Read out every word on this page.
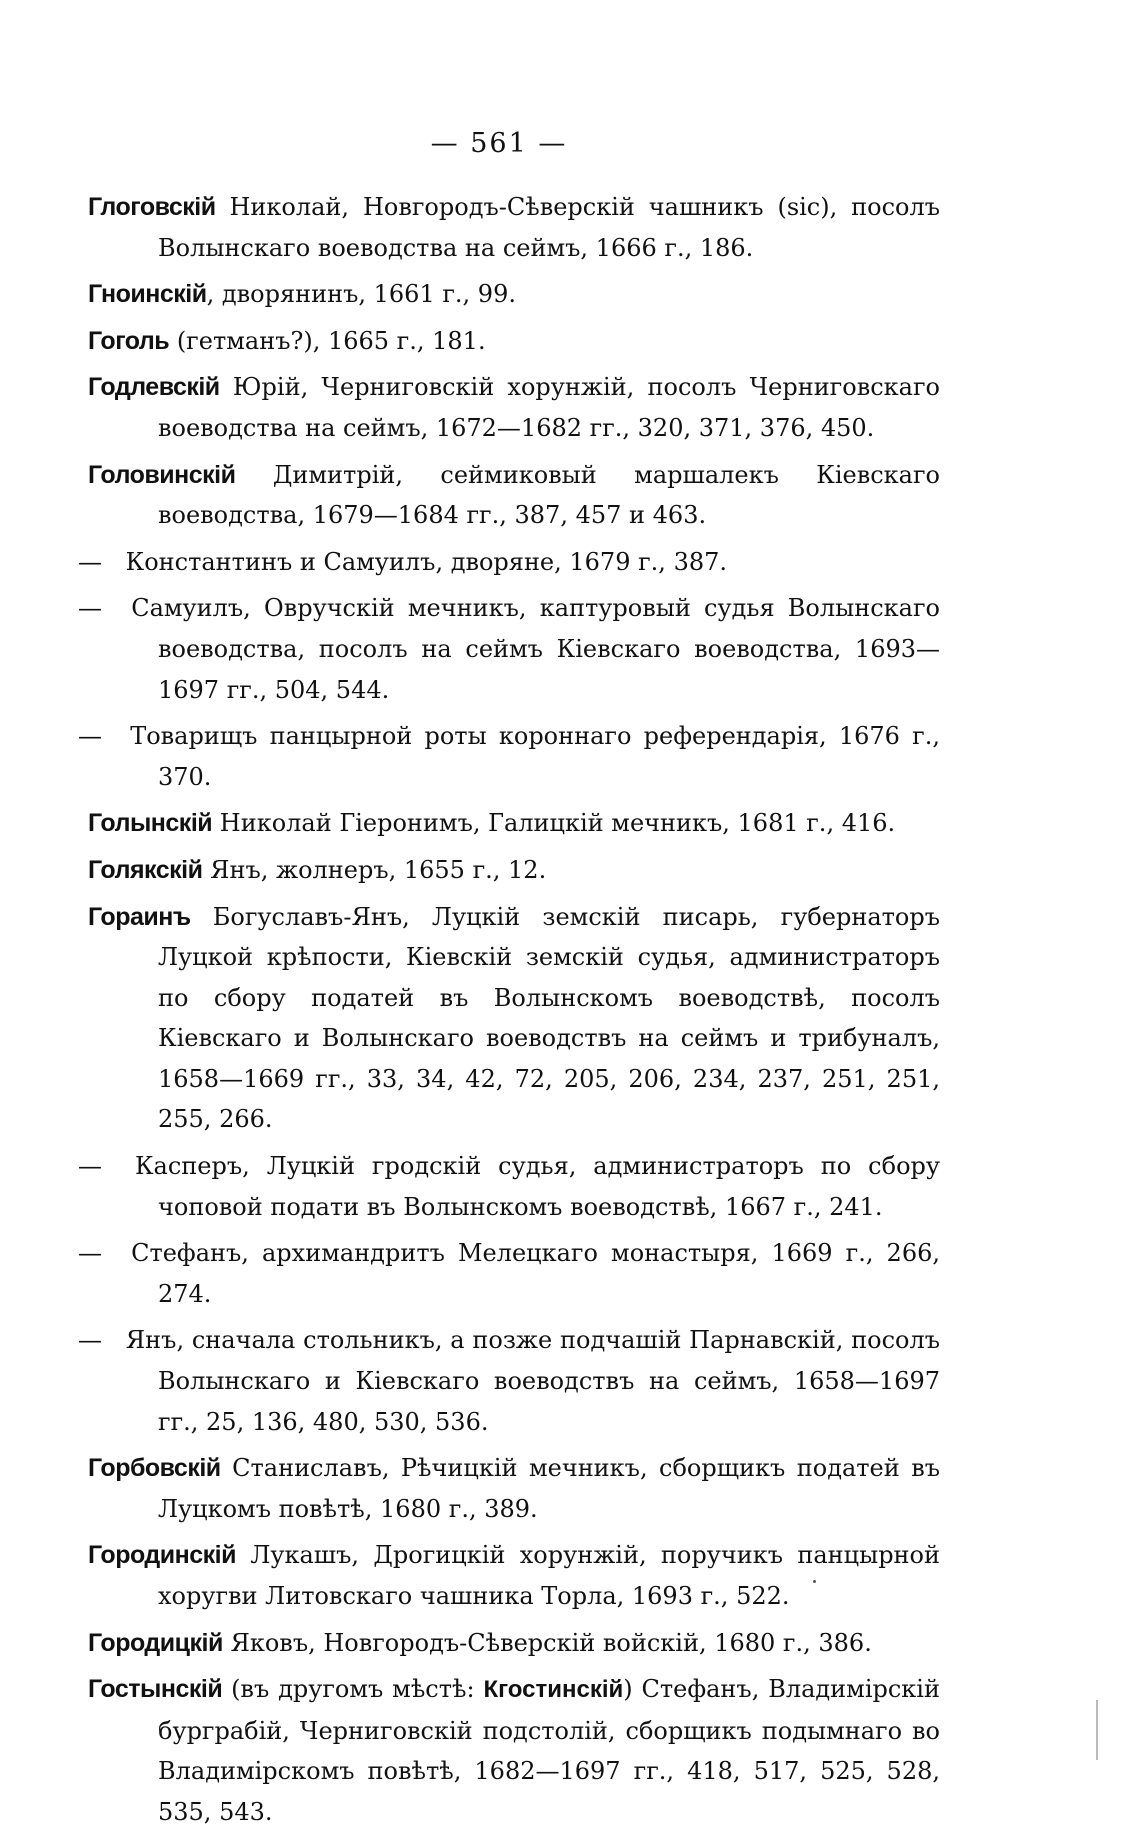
— 561 —

Глоговскій Николай, Новгородъ-Сѣверскій чашникъ (sic), посолъ Волынскаго воеводства на сеймъ, 1666 г., 186.

Гноинскій, дворянинъ, 1661 г., 99.

Гоголь (гетманъ?), 1665 г., 181.

Годлевскій Юрій, Черниговскій хорунжій, посолъ Черниговскаго воеводства на сеймъ, 1672—1682 гг., 320, 371, 376, 450.

Головинскій Димитрій, сеймиковый маршалекъ Кіевскаго воеводства, 1679—1684 гг., 387, 457 и 463.

— Константинъ и Самуилъ, дворяне, 1679 г., 387.

— Самуилъ, Овручскій мечникъ, каптуровый судья Волынскаго воеводства, посолъ на сеймъ Кіевскаго воеводства, 1693—1697 гг., 504, 544.

— Товарищъ панцырной роты короннаго референдарія, 1676 г., 370.

Голынскій Николай Гіеронимъ, Галицкій мечникъ, 1681 г., 416.

Голякскій Янъ, жолнеръ, 1655 г., 12.

Гораинъ Богуславъ-Янъ, Луцкій земскій писарь, губернаторъ Луцкой крѣпости, Кіевскій земскій судья, администраторъ по сбору податей въ Волынскомъ воеводствѣ, посолъ Кіевскаго и Волынскаго воеводствъ на сеймъ и трибуналъ, 1658—1669 гг., 33, 34, 42, 72, 205, 206, 234, 237, 251, 251, 255, 266.

— Касперъ, Луцкій гродскій судья, администраторъ по сбору чоповой подати въ Волынскомъ воеводствѣ, 1667 г., 241.

— Стефанъ, архимандритъ Мелецкаго монастыря, 1669 г., 266, 274.

— Янъ, сначала стольникъ, а позже подчашій Парнавскій, посолъ Волынскаго и Кіевскаго воеводствъ на сеймъ, 1658—1697 гг., 25, 136, 480, 530, 536.

Горбовскій Станиславъ, Рѣчицкій мечникъ, сборщикъ податей въ Луцкомъ повѣтѣ, 1680 г., 389.

Городинскій Лукашъ, Дрогицкій хорунжій, поручикъ панцырной хоругви Литовскаго чашника Торла, 1693 г., 522.

Городицкій Яковъ, Новгородъ-Сѣверскій войскій, 1680 г., 386.

Гостынскій (въ другомъ мѣстѣ: Кгостинскій) Стефанъ, Владимірскій бурграбій, Черниговскій подстолій, сборщикъ подымнаго во Владимірскомъ повѣтѣ, 1682—1697 гг., 418, 517, 525, 528, 535, 543.
